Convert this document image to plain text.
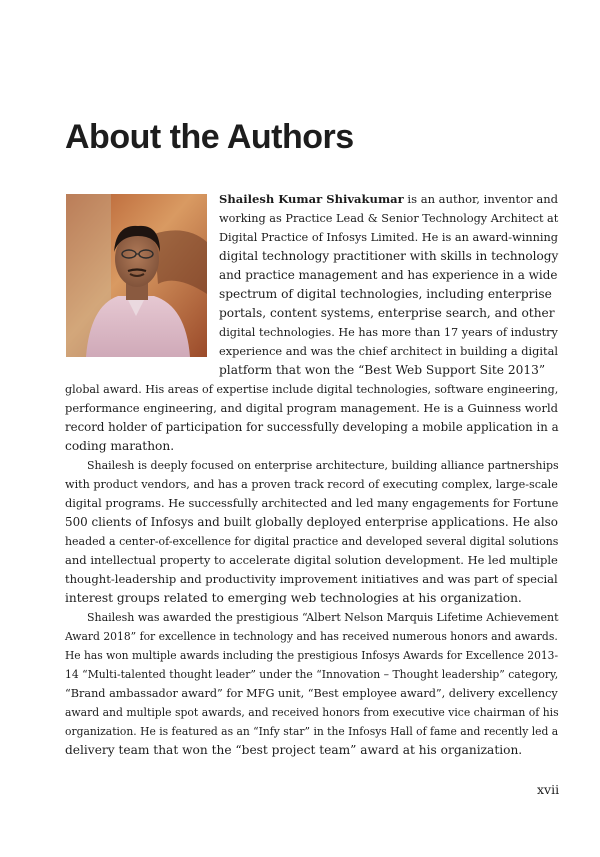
About the Authors
Shailesh Kumar Shivakumar is an author, inventor and
working as Practice Lead & Senior Technology Architect at
Digital Practice of Infosys Limited. He is an award-winning
digital technology practitioner with skills in technology
and practice management and has experience in a wide
spectrum of digital technologies, including enterprise
portals, content systems, enterprise search, and other
digital technologies. He has more than 17 years of industry
experience and was the chief architect in building a digital
platform that won the “Best Web Support Site 2013”
global award. His areas of expertise include digital technologies, software engineering,
performance engineering, and digital program management. He is a Guinness world
record holder of participation for successfully developing a mobile application in a
coding marathon.
Shailesh is deeply focused on enterprise architecture, building alliance partnerships
with product vendors, and has a proven track record of executing complex, large-scale
digital programs. He successfully architected and led many engagements for Fortune
500 clients of Infosys and built globally deployed enterprise applications. He also
headed a center-of-excellence for digital practice and developed several digital solutions
and intellectual property to accelerate digital solution development. He led multiple
thought-leadership and productivity improvement initiatives and was part of special
interest groups related to emerging web technologies at his organization.
Shailesh was awarded the prestigious “Albert Nelson Marquis Lifetime Achievement
Award 2018” for excellence in technology and has received numerous honors and awards.
He has won multiple awards including the prestigious Infosys Awards for Excellence 2013-
14 “Multi-talented thought leader” under the “Innovation – Thought leadership” category,
“Brand ambassador award” for MFG unit, “Best employee award”, delivery excellency
award and multiple spot awards, and received honors from executive vice chairman of his
organization. He is featured as an “Infy star” in the Infosys Hall of fame and recently led a
delivery team that won the “best project team” award at his organization.
xvii
